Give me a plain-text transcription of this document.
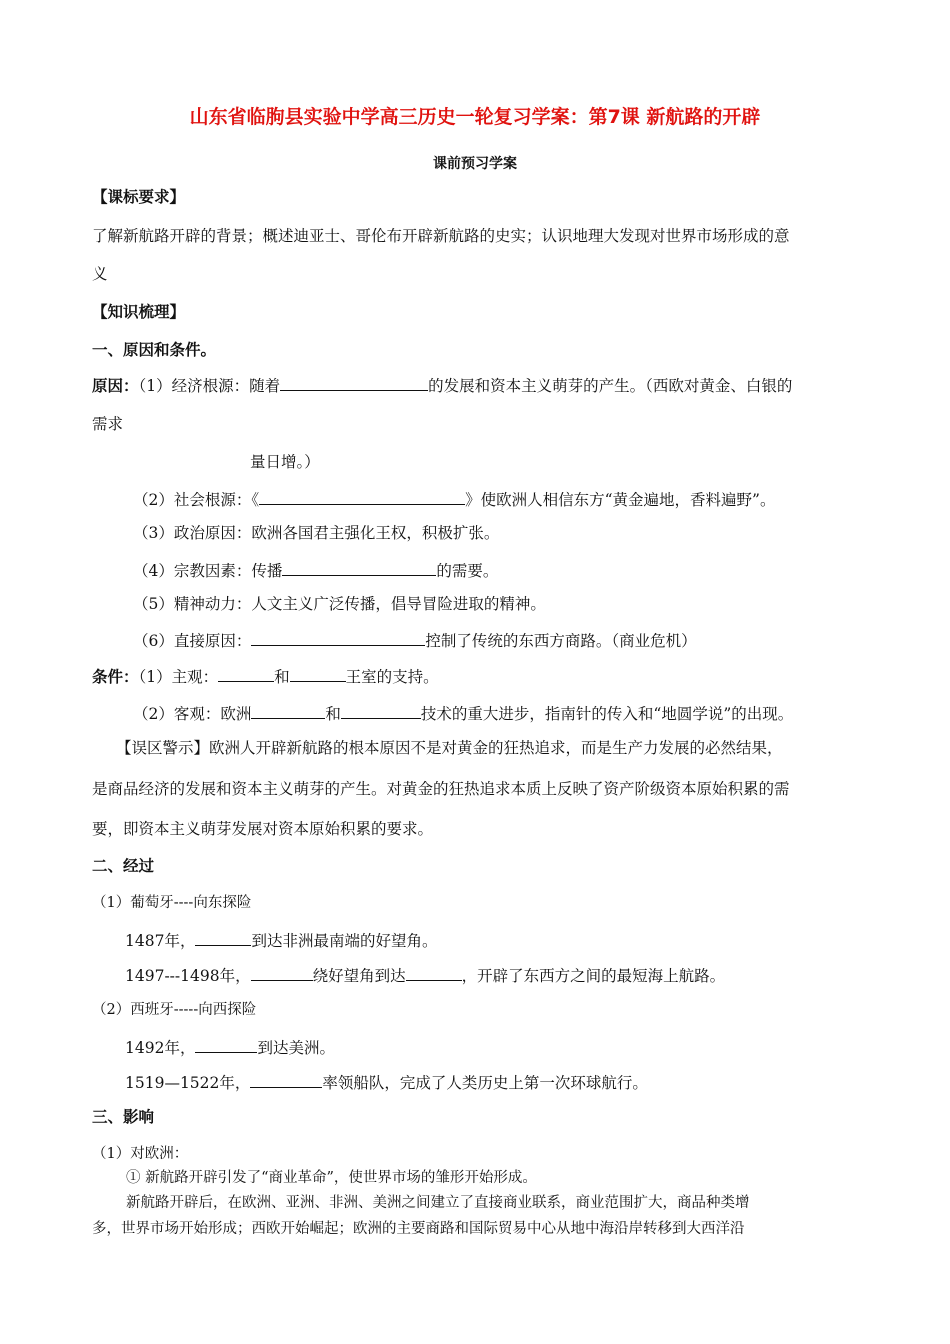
山东省临朐县实验中学高三历史一轮复习学案：第7课 新航路的开辟
课前预习学案
【课标要求】
了解新航路开辟的背景；概述迪亚士、哥伦布开辟新航路的史实；认识地理大发现对世界市场形成的意
义
【知识梳理】
一、原因和条件。
原因：（1）经济根源：随着	的发展和资本主义萌芽的产生。（西欧对黄金、白银的
需求
量日增。）
（2）社会根源：《	》使欧洲人相信东方“黄金遍地，香料遍野”。
（3）政治原因：欧洲各国君主强化王权，积极扩张。
（4）宗教因素：传播	的需要。
（5）精神动力：人文主义广泛传播，倡导冒险进取的精神。
（6）直接原因：	控制了传统的东西方商路。（商业危机）
条件：（1）主观：	和	王室的支持。
（2）客观：欧洲	和	技术的重大进步，指南针的传入和“地圆学说”的出现。
【误区警示】欧洲人开辟新航路的根本原因不是对黄金的狂热追求，而是生产力发展的必然结果，
是商品经济的发展和资本主义萌芽的产生。对黄金的狂热追求本质上反映了资产阶级资本原始积累的需
要，即资本主义萌芽发展对资本原始积累的要求。
二、经过
（1）葡萄牙----向东探险
1487年，	到达非洲最南端的好望角。
1497---1498年，	绕好望角到达	，开辟了东西方之间的最短海上航路。
（2）西班牙-----向西探险
1492年，	到达美洲。
1519—1522年，	率领船队，完成了人类历史上第一次环球航行。
三、影响
（1）对欧洲：
① 新航路开辟引发了“商业革命”，使世界市场的雏形开始形成。
新航路开辟后，在欧洲、亚洲、非洲、美洲之间建立了直接商业联系，商业范围扩大，商品种类增
多，世界市场开始形成；西欧开始崛起；欧洲的主要商路和国际贸易中心从地中海沿岸转移到大西洋沿
